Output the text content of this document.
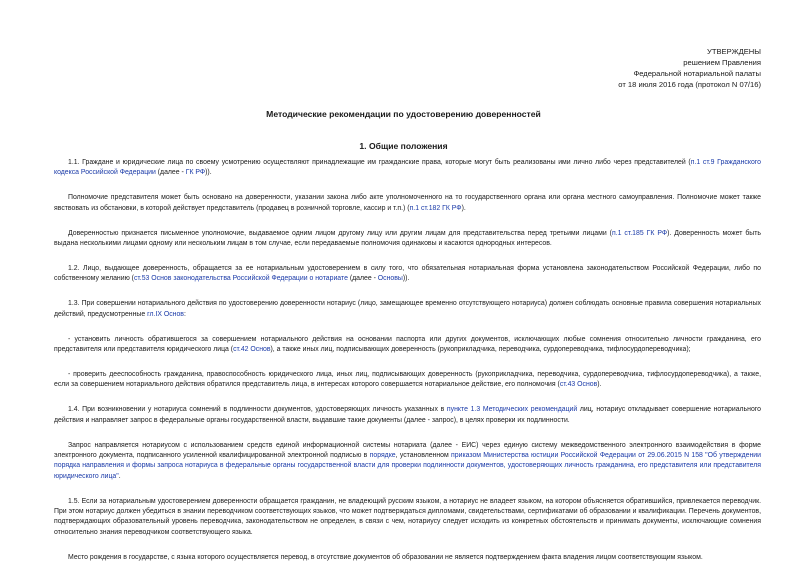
УТВЕРЖДЕНЫ
решением Правления
Федеральной нотариальной палаты
от 18 июля 2016 года (протокол N 07/16)
Методические рекомендации по удостоверению доверенностей
1. Общие положения

1.1. Граждане и юридические лица по своему усмотрению осуществляют принадлежащие им гражданские права, которые могут быть реализованы ими лично либо через представителей (п.1 ст.9 Гражданского кодекса Российской Федерации (далее - ГК РФ)).

Полномочие представителя может быть основано на доверенности, указании закона либо акте уполномоченного на то государственного органа или органа местного самоуправления. Полномочие может также явствовать из обстановки, в которой действует представитель (продавец в розничной торговле, кассир и т.п.) (п.1 ст.182 ГК РФ).

Доверенностью признается письменное уполномочие, выдаваемое одним лицом другому лицу или другим лицам для представительства перед третьими лицами (п.1 ст.185 ГК РФ). Доверенность может быть выдана несколькими лицами одному или нескольким лицам в том случае, если передаваемые полномочия одинаковы и касаются однородных интересов.

1.2. Лицо, выдающее доверенность, обращается за ее нотариальным удостоверением в силу того, что обязательная нотариальная форма установлена законодательством Российской Федерации, либо по собственному желанию (ст.53 Основ законодательства Российской Федерации о нотариате (далее - Основы)).

1.3. При совершении нотариального действия по удостоверению доверенности нотариус (лицо, замещающее временно отсутствующего нотариуса) должен соблюдать основные правила совершения нотариальных действий, предусмотренные гл.IX Основ:

- установить личность обратившегося за совершением нотариального действия на основании паспорта или других документов, исключающих любые сомнения относительно личности гражданина, его представителя или представителя юридического лица (ст.42 Основ), а также иных лиц, подписывающих доверенность (рукоприкладчика, переводчика, сурдопереводчика, тифлосурдопереводчика);

- проверить дееспособность гражданина, правоспособность юридического лица, иных лиц, подписывающих доверенность (рукоприкладчика, переводчика, сурдопереводчика, тифлосурдопереводчика), а также, если за совершением нотариального действия обратился представитель лица, в интересах которого совершается нотариальное действие, его полномочия (ст.43 Основ).

1.4. При возникновении у нотариуса сомнений в подлинности документов, удостоверяющих личность указанных в пункте 1.3 Методических рекомендаций лиц, нотариус откладывает совершение нотариального действия и направляет запрос в федеральные органы государственной власти, выдавшие такие документы (далее - запрос), в целях проверки их подлинности.

Запрос направляется нотариусом с использованием средств единой информационной системы нотариата (далее - ЕИС) через единую систему межведомственного электронного взаимодействия в форме электронного документа, подписанного усиленной квалифицированной электронной подписью в порядке, установленном приказом Министерства юстиции Российской Федерации от 29.06.2015 N 158 "Об утверждении порядка направления и формы запроса нотариуса в федеральные органы государственной власти для проверки подлинности документов, удостоверяющих личность гражданина, его представителя или представителя юридического лица".

1.5. Если за нотариальным удостоверением доверенности обращается гражданин, не владеющий русским языком, а нотариус не владеет языком, на котором объясняется обратившийся, привлекается переводчик. При этом нотариус должен убедиться в знании переводчиком соответствующих языков, что может подтверждаться дипломами, свидетельствами, сертификатами об образовании и квалификации. Перечень документов, подтверждающих образовательный уровень переводчика, законодательством не определен, в связи с чем, нотариусу следует исходить из конкретных обстоятельств и принимать документы, исключающие сомнения относительно знания переводчиком соответствующего языка.

Место рождения в государстве, с языка которого осуществляется перевод, в отсутствие документов об образовании не является подтверждением факта владения лицом соответствующим языком.
